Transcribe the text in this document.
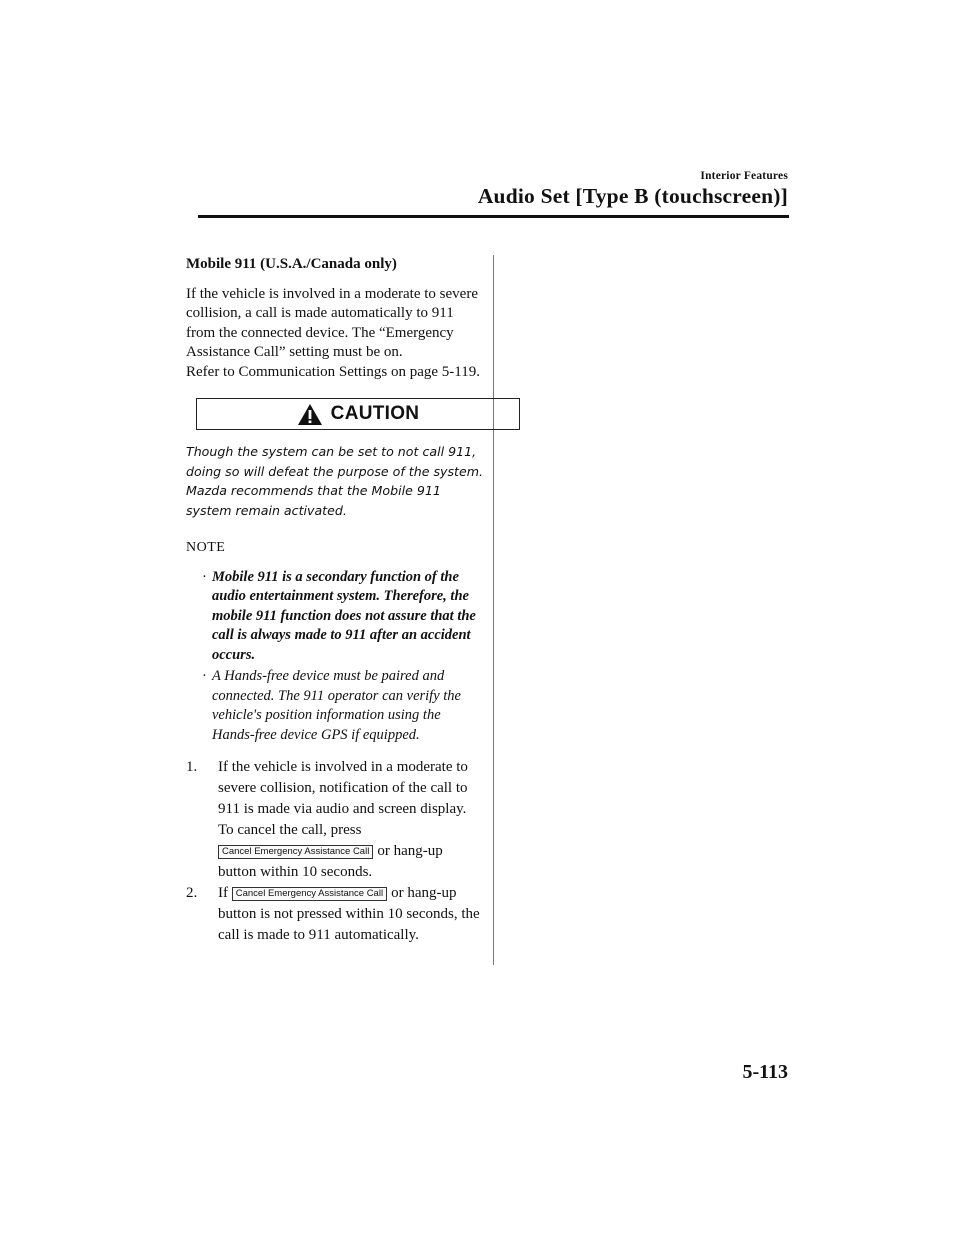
Interior Features
Audio Set [Type B (touchscreen)]

Mobile 911 (U.S.A./Canada only)

If the vehicle is involved in a moderate to severe collision, a call is made automatically to 911 from the connected device. The “Emergency Assistance Call” setting must be on.

Refer to Communication Settings on page 5-119.

CAUTION

Though the system can be set to not call 911, doing so will defeat the purpose of the system. Mazda recommends that the Mobile 911 system remain activated.

NOTE

· Mobile 911 is a secondary function of the audio entertainment system. Therefore, the mobile 911 function does not assure that the call is always made to 911 after an accident occurs.
· A Hands-free device must be paired and connected. The 911 operator can verify the vehicle's position information using the Hands-free device GPS if equipped.
1. If the vehicle is involved in a moderate to severe collision, notification of the call to 911 is made via audio and screen display. To cancel the call, press Cancel Emergency Assistance Call or hang-up button within 10 seconds.
2. If Cancel Emergency Assistance Call or hang-up button is not pressed within 10 seconds, the call is made to 911 automatically.
5-113
